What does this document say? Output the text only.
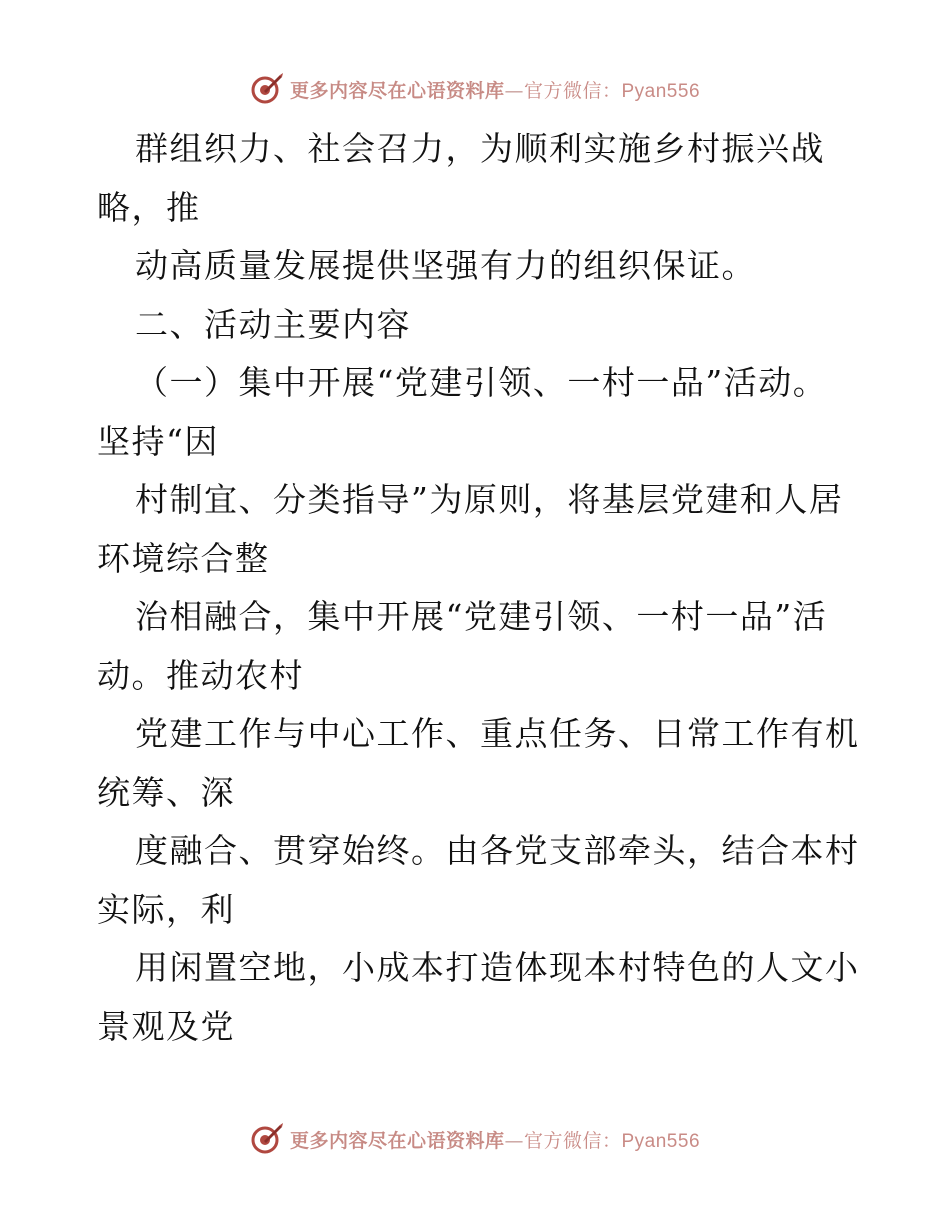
更多内容尽在心语资料库—官方微信：Pyan556
群组织力、社会召力，为顺利实施乡村振兴战
略，推
动高质量发展提供坚强有力的组织保证。
二、活动主要内容
（一）集中开展“党建引领、一村一品”活动。
坚持“因
村制宜、分类指导”为原则，将基层党建和人居
环境综合整
治相融合，集中开展“党建引领、一村一品”活
动。推动农村
党建工作与中心工作、重点任务、日常工作有机
统筹、深
度融合、贯穿始终。由各党支部牵头，结合本村
实际，利
用闲置空地，小成本打造体现本村特色的人文小
景观及党
更多内容尽在心语资料库—官方微信：Pyan556
